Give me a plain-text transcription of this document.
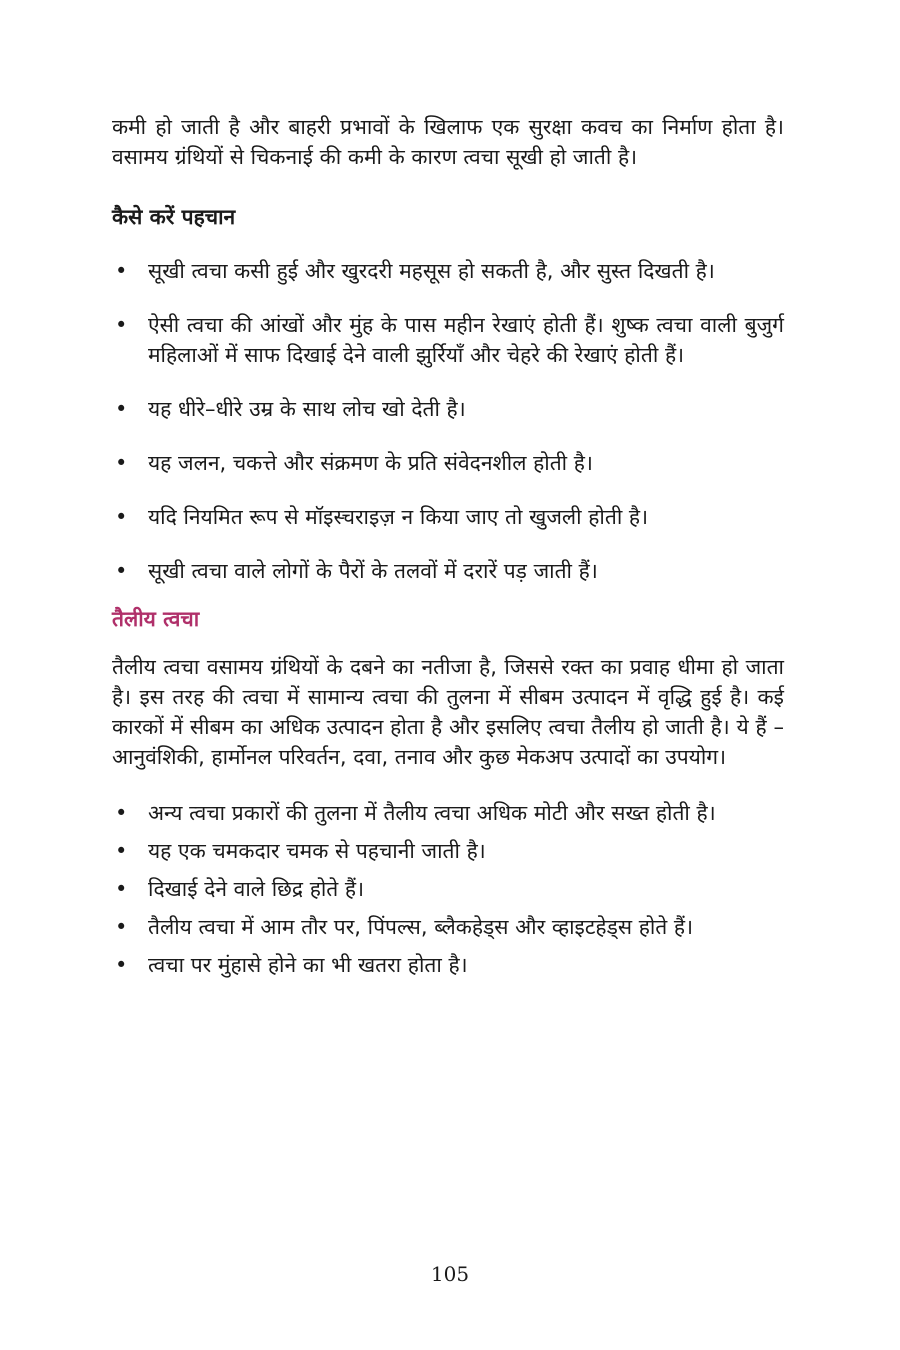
कमी हो जाती है और बाहरी प्रभावों के खिलाफ एक सुरक्षा कवच का निर्माण होता है। वसामय ग्रंथियों से चिकनाई की कमी के कारण त्वचा सूखी हो जाती है।

कैसे करें पहचान
• सूखी त्वचा कसी हुई और खुरदरी महसूस हो सकती है, और सुस्त दिखती है।
• ऐसी त्वचा की आंखों और मुंह के पास महीन रेखाएं होती हैं। शुष्क त्वचा वाली बुजुर्ग महिलाओं में साफ दिखाई देने वाली झुर्रियाँ और चेहरे की रेखाएं होती हैं।
• यह धीरे–धीरे उम्र के साथ लोच खो देती है।
• यह जलन, चकत्ते और संक्रमण के प्रति संवेदनशील होती है।
• यदि नियमित रूप से मॉइस्चराइज़ न किया जाए तो खुजली होती है।
• सूखी त्वचा वाले लोगों के पैरों के तलवों में दरारें पड़ जाती हैं।
तैलीय त्वचा

तैलीय त्वचा वसामय ग्रंथियों के दबने का नतीजा है, जिससे रक्त का प्रवाह धीमा हो जाता है। इस तरह की त्वचा में सामान्य त्वचा की तुलना में सीबम उत्पादन में वृद्धि हुई है। कई कारकों में सीबम का अधिक उत्पादन होता है और इसलिए त्वचा तैलीय हो जाती है। ये हैं – आनुवंशिकी, हार्मोनल परिवर्तन, दवा, तनाव और कुछ मेकअप उत्पादों का उपयोग।

• अन्य त्वचा प्रकारों की तुलना में तैलीय त्वचा अधिक मोटी और सख्त होती है।
• यह एक चमकदार चमक से पहचानी जाती है।
• दिखाई देने वाले छिद्र होते हैं।
• तैलीय त्वचा में आम तौर पर, पिंपल्स, ब्लैकहेड्स और व्हाइटहेड्स होते हैं।
• त्वचा पर मुंहासे होने का भी खतरा होता है।
105
